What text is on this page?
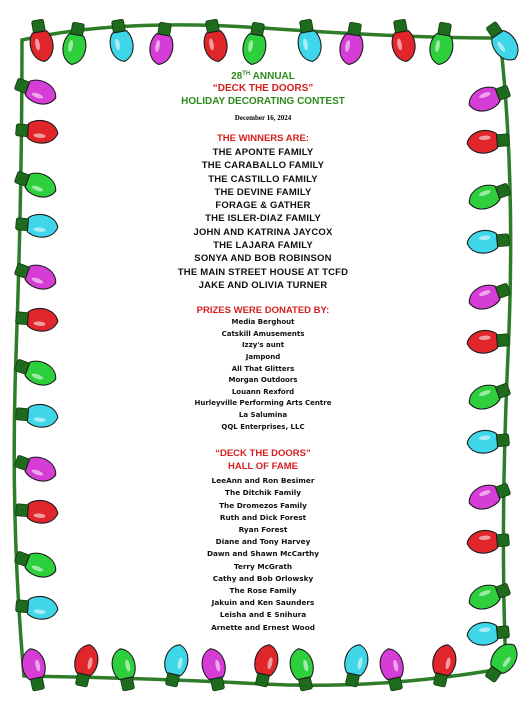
28TH ANNUAL
“DECK THE DOORS”
HOLIDAY DECORATING CONTEST
December 16, 2024
THE WINNERS ARE:
THE APONTE FAMILY
THE CARABALLO FAMILY
THE CASTILLO FAMILY
THE DEVINE FAMILY
FORAGE & GATHER
THE ISLER-DIAZ FAMILY
JOHN AND KATRINA JAYCOX
THE LAJARA FAMILY
SONYA AND BOB ROBINSON
THE MAIN STREET HOUSE AT TCFD
JAKE AND OLIVIA TURNER
PRIZES WERE DONATED BY:
Media Berghout
Catskill Amusements
Izzy's aunt
Jampond
All That Glitters
Morgan Outdoors
Louann Rexford
Hurleyville Performing Arts Centre
La Salumina
QQL Enterprises, LLC
“DECK THE DOORS”
HALL OF FAME
LeeAnn and Ron Besimer
The Ditchik Family
The Dromezos Family
Ruth and Dick Forest
Ryan Forest
Diane and Tony Harvey
Dawn and Shawn McCarthy
Terry McGrath
Cathy and Bob Orlowsky
The Rose Family
Jakuin and Ken Saunders
Leisha and E Snihura
Arnette and Ernest Wood
